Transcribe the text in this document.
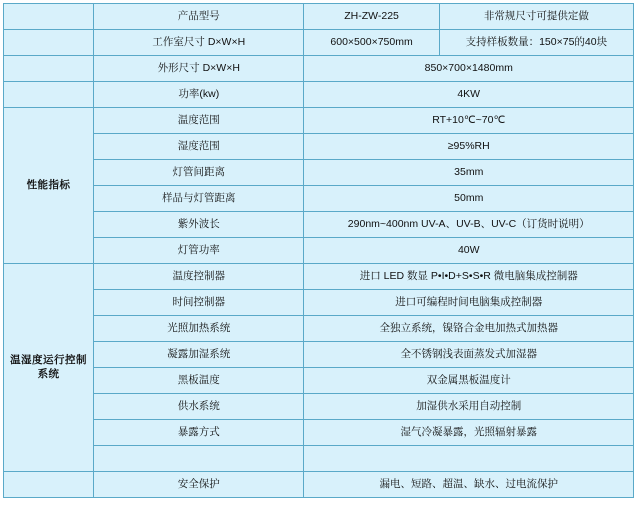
	产品型号	ZH-ZW-225	非常规尺寸可提供定做
	工作室尺寸 D×W×H	600×500×750mm	支持样板数量：150×75的40块
	外形尺寸 D×W×H	850×700×1480mm	
	功率(kw)	4KW	
性能指标	温度范围	RT+10℃~70℃	
	湿度范围	≥95%RH	
	灯管间距离	35mm	
	样品与灯管距离	50mm	
	紫外波长	290nm~400nm UV-A、UV-B、UV-C（订货时说明）	
	灯管功率	40W	
温湿度运行控制系统	温度控制器	进口 LED 数显 P•I•D+S•S•R 微电脑集成控制器	
	时间控制器	进口可编程时间电脑集成控制器	
	光照加热系统	全独立系统，镍铬合金电加热式加热器	
	凝露加湿系统	全不锈钢浅表面蒸发式加湿器	
	黑板温度	双金属黑板温度计	
	供水系统	加湿供水采用自动控制	
	暴露方式	湿气冷凝暴露，光照辐射暴露	

	安全保护	漏电、短路、超温、缺水、过电流保护	
